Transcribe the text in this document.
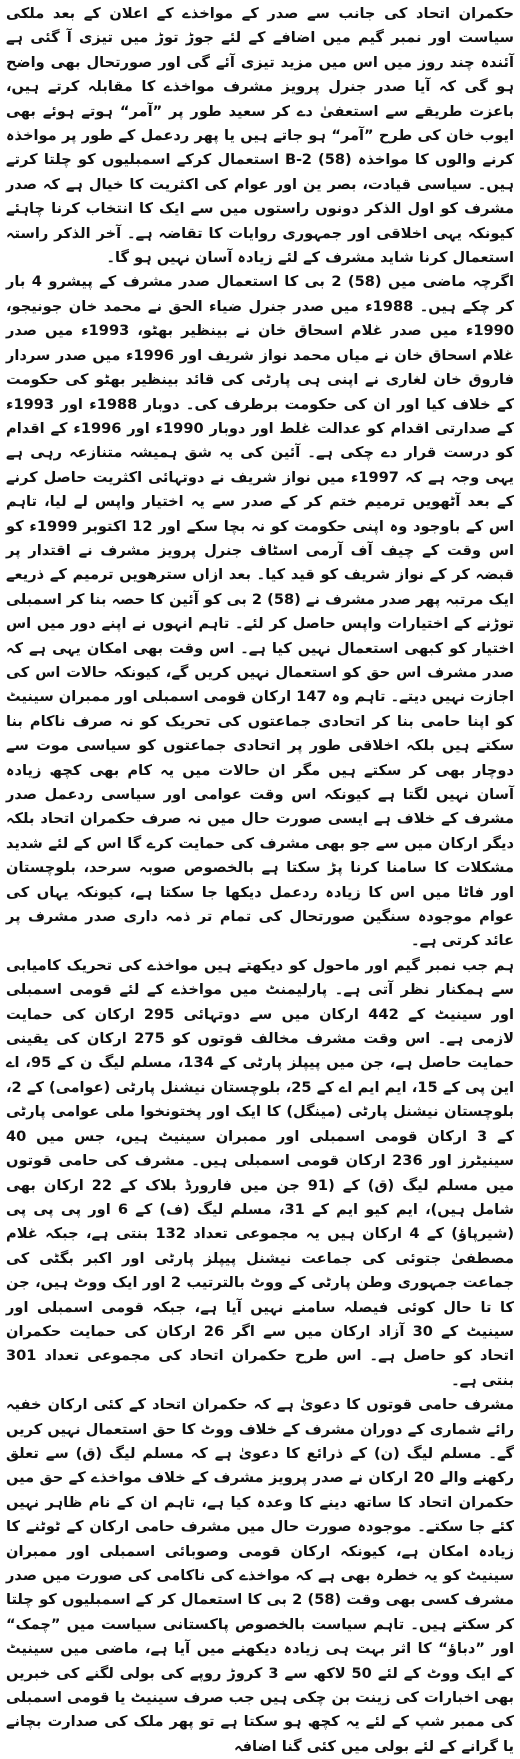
حکمران اتحاد کی جانب سے صدر کے مواخذے کے اعلان کے بعد ملکی سیاست اور نمبر گیم میں اضافے کے لئے جوڑ توڑ میں تیزی آ گئی ہے آئندہ چند روز میں اس میں مزید تیزی آئے گی اور صورتحال بھی واضح ہو گی کہ آیا صدر جنرل پرویز مشرف مواخذے کا مقابلہ کرتے ہیں، باعزت طریقے سے استعفیٰ دے کر سعید طور پر ”آمر“ ہوتے ہوئے بھی ایوب خان کی طرح ”آمر“ ہو جاتے ہیں یا پھر ردعمل کے طور پر مواخذہ کرنے والوں کا مواخذہ (58) B-2 استعمال کرکے اسمبلیوں کو چلتا کرتے ہیں۔ سیاسی قیادت، بصر ین اور عوام کی اکثریت کا خیال ہے کہ صدر مشرف کو اول الذکر دونوں راستوں میں سے ایک کا انتخاب کرنا چاہئے کیونکہ یہی اخلاقی اور جمہوری روایات کا تقاضہ ہے۔ آخر الذکر راستہ استعمال کرنا شاید مشرف کے لئے زیادہ آسان نہیں ہو گا۔

اگرچہ ماضی میں (58) 2 بی کا استعمال صدر مشرف کے پیشرو 4 بار کر چکے ہیں۔ 1988ء میں صدر جنرل ضیاء الحق نے محمد خان جونیجو، 1990ء میں صدر غلام اسحاق خان نے بینظیر بھٹو، 1993ء میں صدر غلام اسحاق خان نے میاں محمد نواز شریف اور 1996ء میں صدر سردار فاروق خان لغاری نے اپنی ہی پارٹی کی قائد بینظیر بھٹو کی حکومت کے خلاف کیا اور ان کی حکومت برطرف کی۔ دوبار 1988ء اور 1993ء کے صدارتی اقدام کو عدالت غلط اور دوبار 1990ء اور 1996ء کے اقدام کو درست قرار دے چکی ہے۔ آئین کی یہ شق ہمیشہ متنازعہ رہی ہے یہی وجہ ہے کہ 1997ء میں نواز شریف نے دوتہائی اکثریت حاصل کرنے کے بعد آٹھویں ترمیم ختم کر کے صدر سے یہ اختیار واپس لے لیا، تاہم اس کے باوجود وہ اپنی حکومت کو نہ بچا سکے اور 12 اکتوبر 1999ء کو اس وقت کے چیف آف آرمی اسٹاف جنرل پرویز مشرف نے اقتدار پر قبضہ کر کے نواز شریف کو قید کیا۔ بعد ازاں سترھویں ترمیم کے ذریعے ایک مرتبہ پھر صدر مشرف نے (58) 2 بی کو آئین کا حصہ بنا کر اسمبلی توڑنے کے اختیارات واپس حاصل کر لئے۔ تاہم انہوں نے اپنے دور میں اس اختیار کو کبھی استعمال نہیں کیا ہے۔ اس وقت بھی امکان یہی ہے کہ صدر مشرف اس حق کو استعمال نہیں کریں گے، کیونکہ حالات اس کی اجازت نہیں دیتے۔ تاہم وہ 147 ارکان قومی اسمبلی اور ممبران سینیٹ کو اپنا حامی بنا کر اتحادی جماعتوں کی تحریک کو نہ صرف ناکام بنا سکتے ہیں بلکہ اخلاقی طور پر اتحادی جماعتوں کو سیاسی موت سے دوچار بھی کر سکتے ہیں مگر ان حالات میں یہ کام بھی کچھ زیادہ آسان نہیں لگتا ہے کیونکہ اس وقت عوامی اور سیاسی ردعمل صدر مشرف کے خلاف ہے ایسی صورت حال میں نہ صرف حکمران اتحاد بلکہ دیگر ارکان میں سے جو بھی مشرف کی حمایت کرے گا اس کے لئے شدید مشکلات کا سامنا کرنا پڑ سکتا ہے بالخصوص صوبہ سرحد، بلوچستان اور فاٹا میں اس کا زیادہ ردعمل دیکھا جا سکتا ہے، کیونکہ یہاں کی عوام موجودہ سنگین صورتحال کی تمام تر ذمہ داری صدر مشرف پر عائد کرتی ہے۔

ہم جب نمبر گیم اور ماحول کو دیکھتے ہیں مواخذے کی تحریک کامیابی سے ہمکنار نظر آتی ہے۔ پارلیمنٹ میں مواخذے کے لئے قومی اسمبلی اور سینیٹ کے 442 ارکان میں سے دوتہائی 295 ارکان کی حمایت لازمی ہے۔ اس وقت مشرف مخالف قوتوں کو 275 ارکان کی یقینی حمایت حاصل ہے، جن میں پیپلز پارٹی کے 134، مسلم لیگ ن کے 95، اے این پی کے 15، ایم ایم اے کے 25، بلوچستان نیشنل پارٹی (عوامی) کے 2، بلوچستان نیشنل پارٹی (مینگل) کا ایک اور پختونخوا ملی عوامی پارٹی کے 3 ارکان قومی اسمبلی اور ممبران سینیٹ ہیں، جس میں 40 سینیٹرز اور 236 ارکان قومی اسمبلی ہیں۔ مشرف کی حامی قوتوں میں مسلم لیگ (ق) کے (91 جن میں فارورڈ بلاک کے 22 ارکان بھی شامل ہیں)، ایم کیو ایم کے 31، مسلم لیگ (ف) کے 6 اور پی پی پی (شیرپاؤ) کے 4 ارکان ہیں یہ مجموعی تعداد 132 بنتی ہے، جبکہ غلام مصطفیٰ جتوئی کی جماعت نیشنل پیپلز پارٹی اور اکبر بگٹی کی جماعت جمہوری وطن پارٹی کے ووٹ بالترتیب 2 اور ایک ووٹ ہیں، جن کا تا حال کوئی فیصلہ سامنے نہیں آیا ہے، جبکہ قومی اسمبلی اور سینیٹ کے 30 آزاد ارکان میں سے اگر 26 ارکان کی حمایت حکمران اتحاد کو حاصل ہے۔ اس طرح حکمران اتحاد کی مجموعی تعداد 301 بنتی ہے۔

مشرف حامی قوتوں کا دعویٰ ہے کہ حکمران اتحاد کے کئی ارکان خفیہ رائے شماری کے دوران مشرف کے خلاف ووٹ کا حق استعمال نہیں کریں گے۔ مسلم لیگ (ن) کے ذرائع کا دعویٰ ہے کہ مسلم لیگ (ق) سے تعلق رکھنے والے 20 ارکان نے صدر پرویز مشرف کے خلاف مواخذے کے حق میں حکمران اتحاد کا ساتھ دینے کا وعدہ کیا ہے، تاہم ان کے نام ظاہر نہیں کئے جا سکتے۔ موجودہ صورت حال میں مشرف حامی ارکان کے ٹوٹنے کا زیادہ امکان ہے، کیونکہ ارکان قومی وصوبائی اسمبلی اور ممبران سینیٹ کو یہ خطرہ بھی ہے کہ مواخذے کی ناکامی کی صورت میں صدر مشرف کسی بھی وقت (58) 2 بی کا استعمال کر کے اسمبلیوں کو چلتا کر سکتے ہیں۔ تاہم سیاست بالخصوص پاکستانی سیاست میں ”چمک“ اور ”دباؤ“ کا اثر بہت ہی زیادہ دیکھنے میں آیا ہے، ماضی میں سینیٹ کے ایک ووٹ کے لئے 50 لاکھ سے 3 کروڑ روپے کی بولی لگنے کی خبریں بھی اخبارات کی زینت بن چکی ہیں جب صرف سینیٹ یا قومی اسمبلی کی ممبر شپ کے لئے یہ کچھ ہو سکتا ہے تو پھر ملک کی صدارت بچانے یا گرانے کے لئے بولی میں کئی گنا اضافہ
